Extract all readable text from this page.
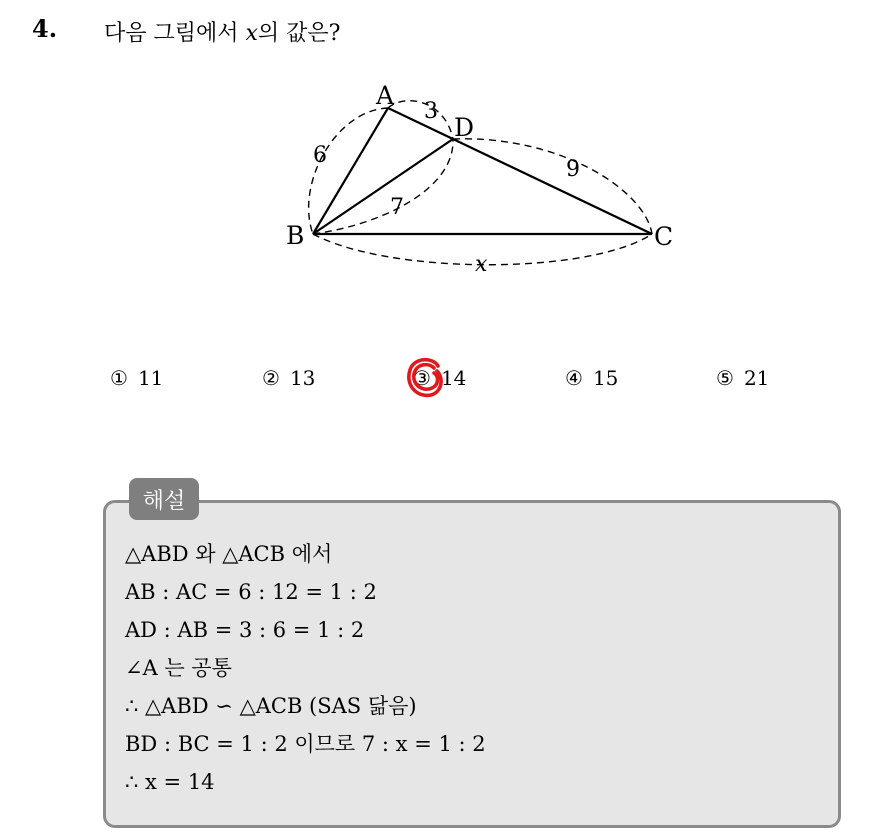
4. 다음 그림에서 x의 값은?
A
B	C
D
3
6
7
9
x
① 11	② 13	③ 14	④ 15	⑤ 21
해설
△ABD 와 △ACB 에서
AB : AC = 6 : 12 = 1 : 2
AD : AB = 3 : 6 = 1 : 2
∠A 는 공통
∴ △ABD ∽ △ACB (SAS 닮음)
BD : BC = 1 : 2 이므로 7 : x = 1 : 2
∴ x = 14
